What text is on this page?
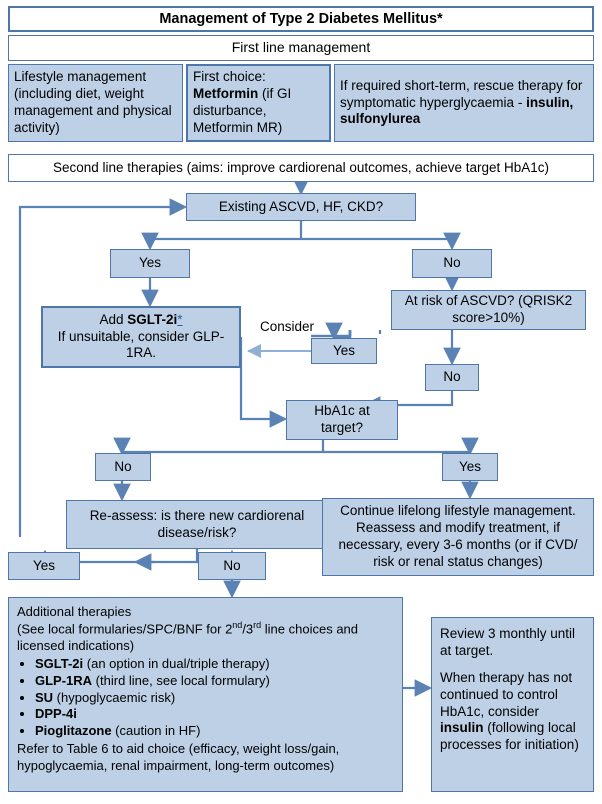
Management of Type 2 Diabetes Mellitus*
First line management
Lifestyle management (including diet, weight management and physical activity)
First choice:
Metformin (if GI disturbance, Metformin MR)
If required short-term, rescue therapy for symptomatic hyperglycaemia - insulin, sulfonylurea
Second line therapies (aims: improve cardiorenal outcomes, achieve target HbA1c)
Existing ASCVD, HF, CKD?
Yes	No
At risk of ASCVD? (QRISK2 score>10%)
Consider
Yes
No
Add SGLT-2i*
If unsuitable, consider GLP-1RA.
HbA1c at target?
No	Yes
Re-assess: is there new cardiorenal disease/risk?
Continue lifelong lifestyle management. Reassess and modify treatment, if necessary, every 3-6 months (or if CVD/ risk or renal status changes)
Yes	No
Additional therapies
(See local formularies/SPC/BNF for 2nd/3rd line choices and licensed indications)
• SGLT-2i (an option in dual/triple therapy)
• GLP-1RA (third line, see local formulary)
• SU (hypoglycaemic risk)
• DPP-4i
• Pioglitazone (caution in HF)
Refer to Table 6 to aid choice (efficacy, weight loss/gain, hypoglycaemia, renal impairment, long-term outcomes)
Review 3 monthly until at target.
When therapy has not continued to control HbA1c, consider insulin (following local processes for initiation)
